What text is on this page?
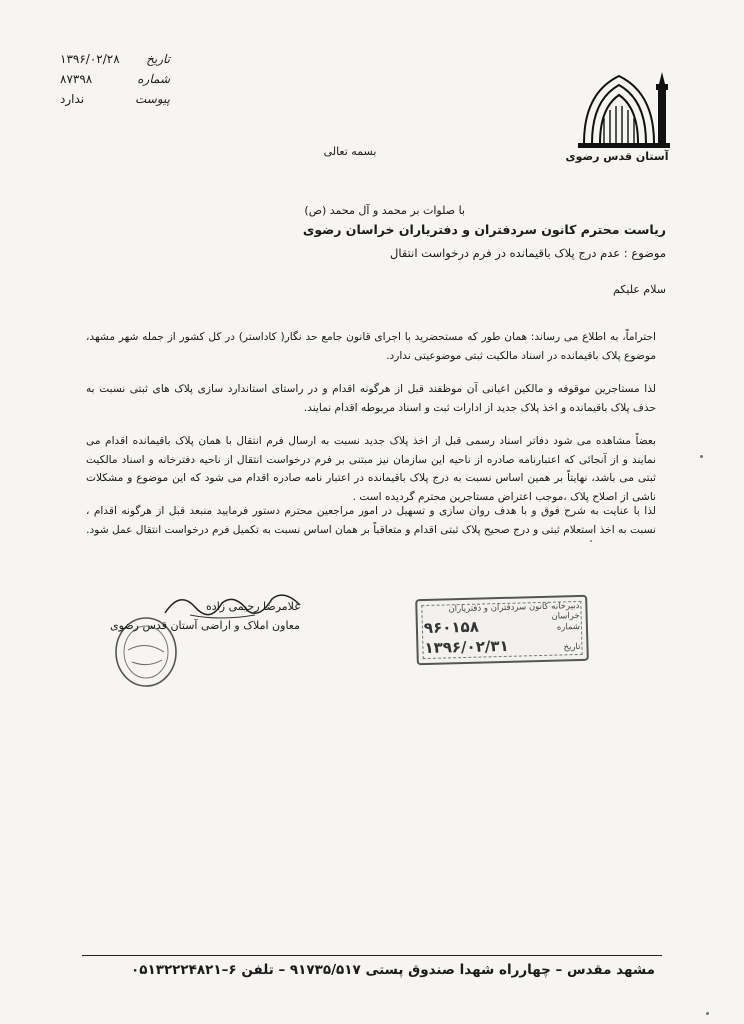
تاریخ
۱۳۹۶/۰۲/۲۸
شماره
۸۷۳۹۸
پیوست
ندارد
آستان قدس رضوی
بسمه تعالی
با صلوات بر محمد و آل محمد (ص)
ریاست محترم کانون سردفتران و دفتریاران خراسان رضوی
موضوع : عدم درج پلاک باقیمانده در فرم درخواست انتقال
سلام علیکم
احتراماً، به اطلاع می رساند: همان طور که مستحضرید با اجرای قانون جامع حد نگار( کاداستر) در کل کشور از جمله شهر مشهد، موضوع پلاک باقیمانده در اسناد مالکیت ثبتی موضوعیتی ندارد.
لذا مستاجرین موقوفه و مالکین اعیانی آن موظفند قبل از هرگونه اقدام و در راستای استاندارد سازی پلاک های ثبتی نسبت به حذف پلاک باقیمانده و اخذ پلاک جدید از ادارات ثبت و اسناد مربوطه اقدام نمایند.
بعضاً مشاهده می شود دفاتر اسناد رسمی قبل از اخذ پلاک جدید نسبت به ارسال فرم انتقال با همان پلاک باقیمانده اقدام می نمایند و از آنجائی که اعتبارنامه صادره از ناحیه این سازمان نیز مبتنی بر فرم درخواست انتقال از ناحیه دفترخانه و اسناد مالکیت ثبتی می باشد، نهایتاً بر همین اساس نسبت به درج پلاک باقیمانده در اعتبار نامه صادره اقدام می شود که این موضوع و مشکلات ناشی از اصلاح پلاک ،موجب اعتراض مستاجرین محترم گردیده است .
لذا با عنایت به شرح فوق و با هدف روان سازی و تسهیل در امور مراجعین محترم دستور فرمایید منبعد قبل از هرگونه اقدام ، نسبت به اخذ استعلام ثبتی و درج صحیح پلاک ثبتی اقدام و متعاقباً بر همان اساس نسبت به تکمیل فرم درخواست انتقال عمل شود.
غلامرضا رحیمی زاده
معاون املاک و اراضی آستان قدس رضوی
دبیرخانه کانون سردفتران و دفتریاران خراسان
شماره
۹۶۰۱۵۸
تاریخ
۱۳۹۶/۰۲/۳۱
مشهد مقدس – چهارراه شهدا صندوق پستی ۹۱۷۳۵/۵۱۷ – تلفن ۶–۰۵۱۳۲۲۲۴۸۲۱
